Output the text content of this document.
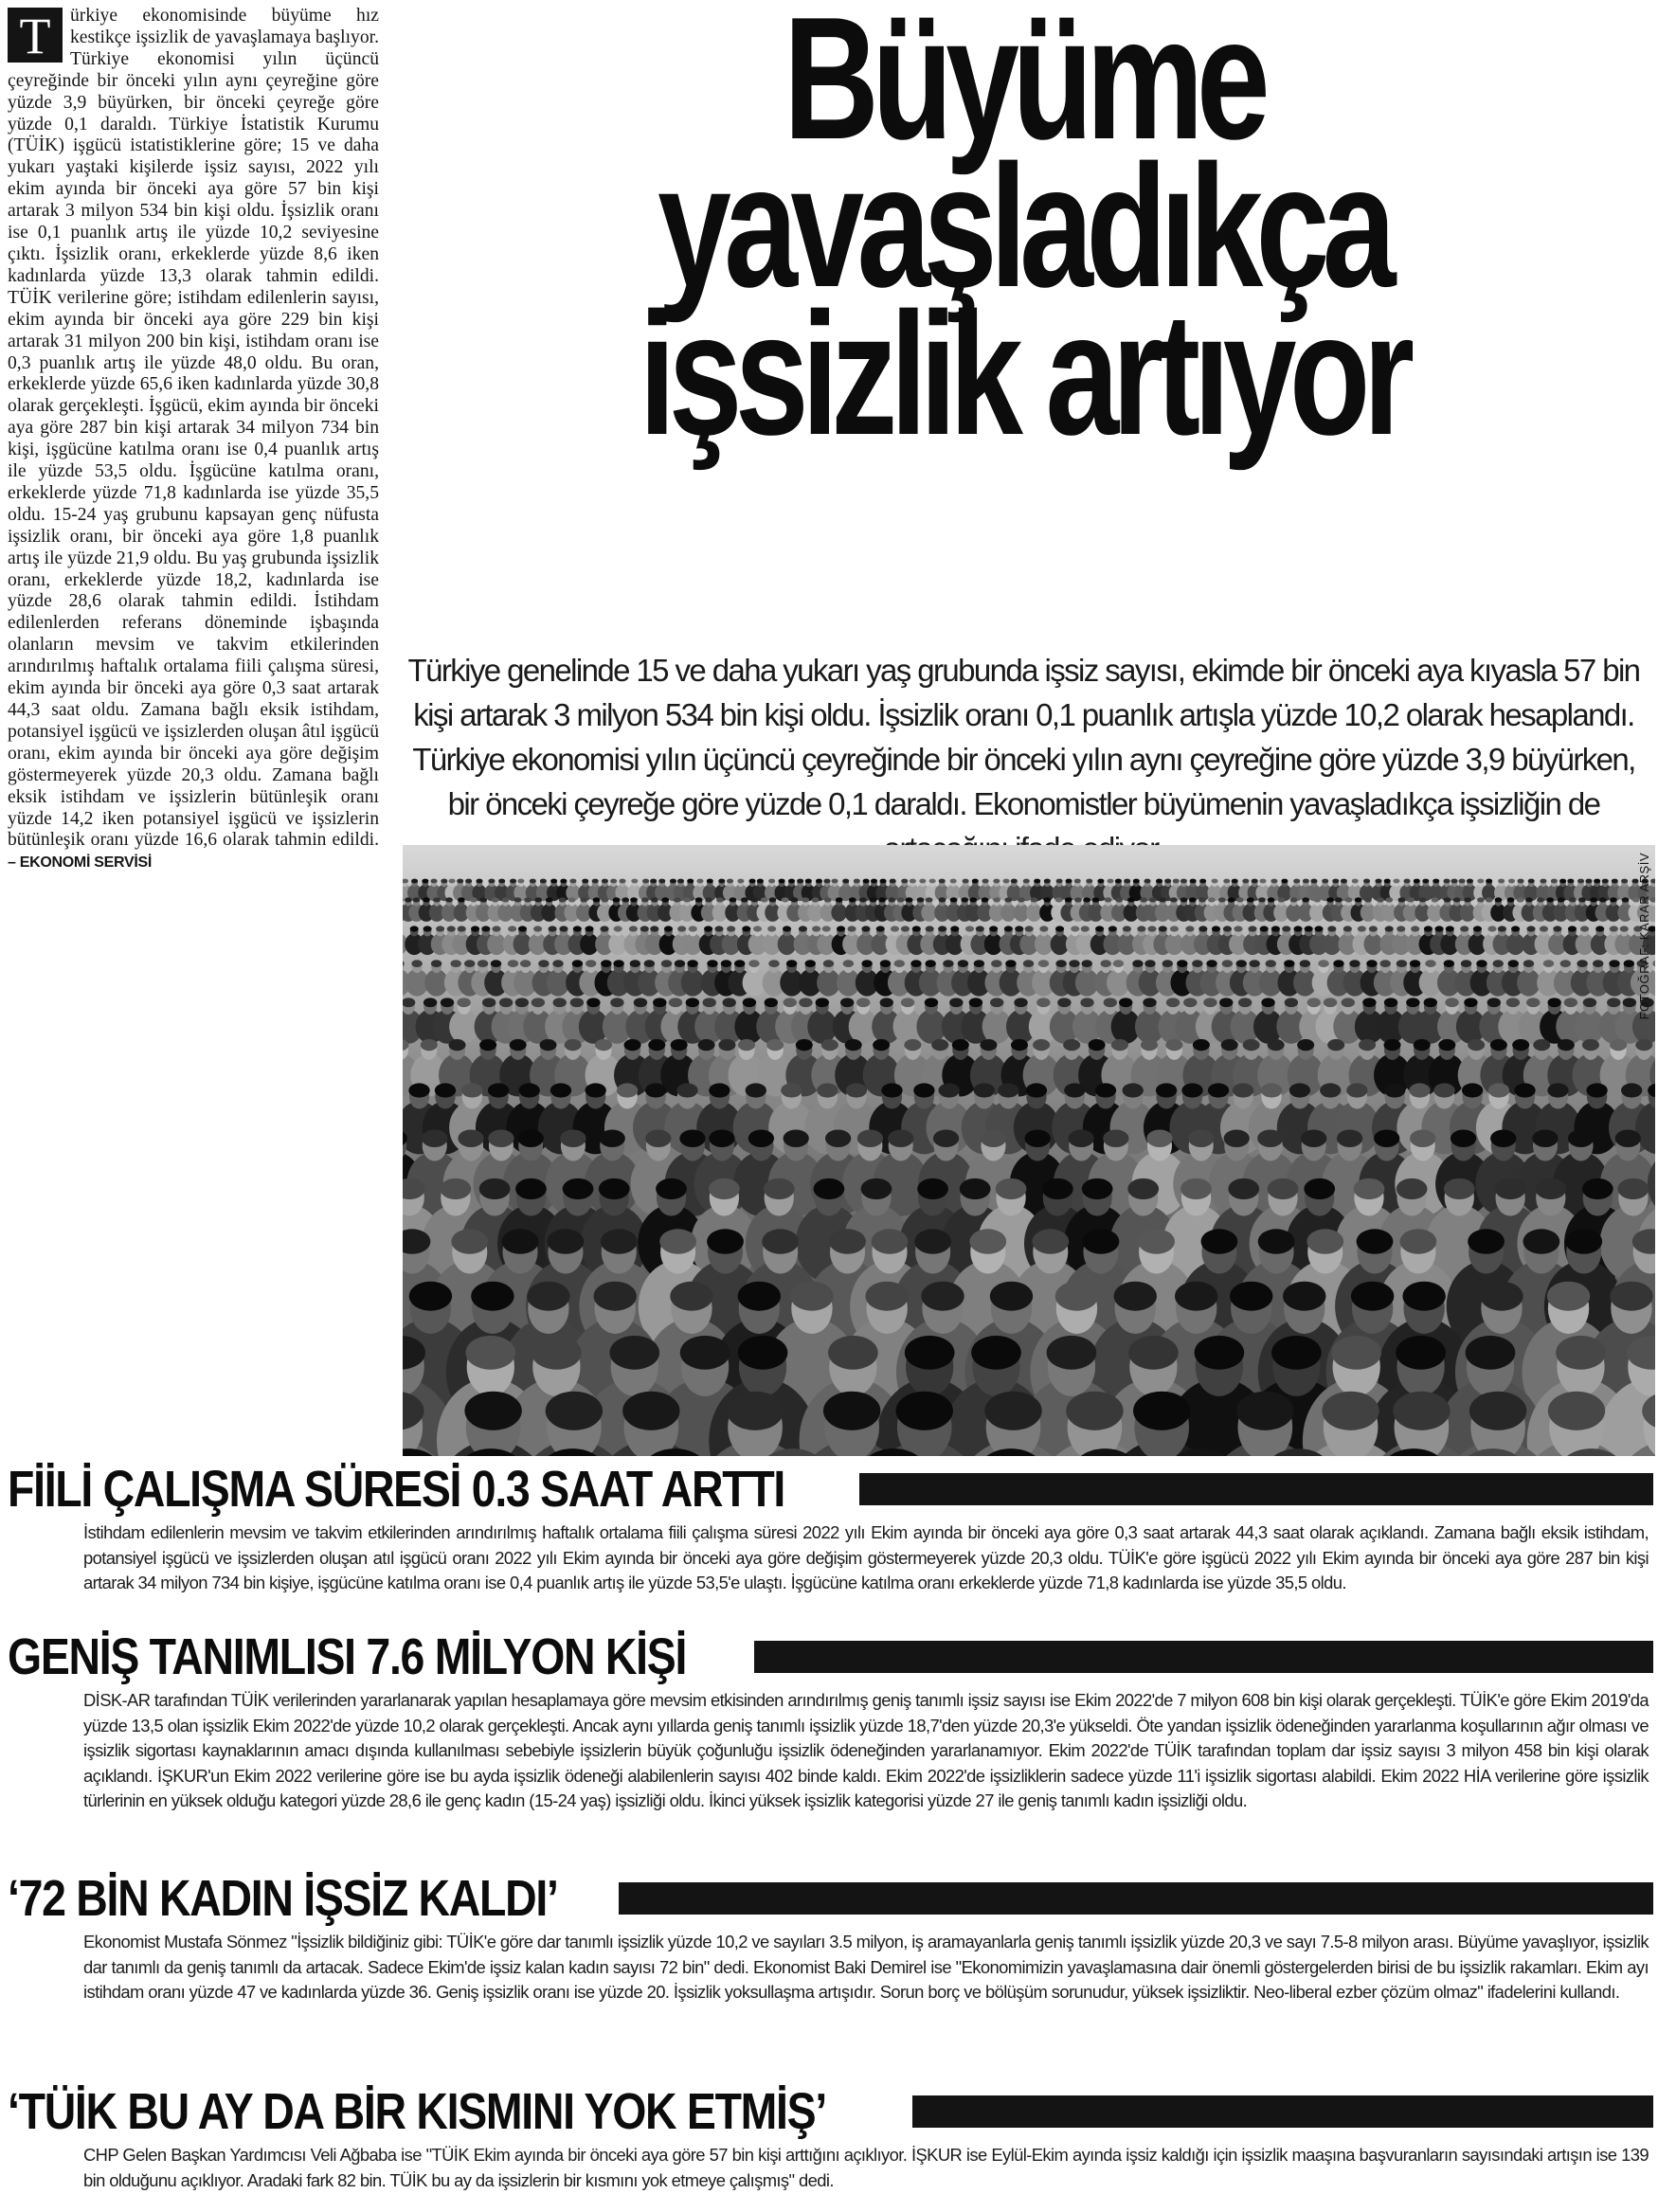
T	ürkiye ekonomisinde büyüme hız kestikçe işsizlik de yavaşlamaya başlıyor. Türkiye ekonomisi yılın üçüncü çeyreğinde bir önceki yılın aynı çeyreğine göre yüzde 3,9 büyürken, bir önceki çeyreğe göre yüzde 0,1 daraldı. Türkiye İstatistik Kurumu (TÜİK) işgücü istatistiklerine göre; 15 ve daha yukarı yaştaki kişilerde işsiz sayısı, 2022 yılı ekim ayında bir önceki aya göre 57 bin kişi artarak 3 milyon 534 bin kişi oldu. İşsizlik oranı ise 0,1 puanlık artış ile yüzde 10,2 seviyesine çıktı. İşsizlik oranı, erkeklerde yüzde 8,6 iken kadınlarda yüzde 13,3 olarak tahmin edildi. TÜİK verilerine göre; istihdam edilenlerin sayısı, ekim ayında bir önceki aya göre 229 bin kişi artarak 31 milyon 200 bin kişi, istihdam oranı ise 0,3 puanlık artış ile yüzde 48,0 oldu. Bu oran, erkeklerde yüzde 65,6 iken kadınlarda yüzde 30,8 olarak gerçekleşti. İşgücü, ekim ayında bir önceki aya göre 287 bin kişi artarak 34 milyon 734 bin kişi, işgücüne katılma oranı ise 0,4 puanlık artış ile yüzde 53,5 oldu. İşgücüne katılma oranı, erkeklerde yüzde 71,8 kadınlarda ise yüzde 35,5 oldu. 15-24 yaş grubunu kapsayan genç nüfusta işsizlik oranı, bir önceki aya göre 1,8 puanlık artış ile yüzde 21,9 oldu. Bu yaş grubunda işsizlik oranı, erkeklerde yüzde 18,2, kadınlarda ise yüzde 28,6 olarak tahmin edildi. İstihdam edilenlerden referans döneminde işbaşında olanların mevsim ve takvim etkilerinden arındırılmış haftalık ortalama fiili çalışma süresi, ekim ayında bir önceki aya göre 0,3 saat artarak 44,3 saat oldu. Zamana bağlı eksik istihdam, potansiyel işgücü ve işsizlerden oluşan âtıl işgücü oranı, ekim ayında bir önceki aya göre değişim göstermeyerek yüzde 20,3 oldu. Zamana bağlı eksik istihdam ve işsizlerin bütünleşik oranı yüzde 14,2 iken potansiyel işgücü ve işsizlerin bütünleşik oranı yüzde 16,6 olarak tahmin edildi. – EKONOMİ SERVİSİ
Büyüme
yavaşladıkça
işsizlik artıyor
Türkiye genelinde 15 ve daha yukarı yaş grubunda işsiz sayısı, ekimde bir önceki aya kıyasla 57 bin kişi artarak 3 milyon 534 bin kişi oldu. İşsizlik oranı 0,1 puanlık artışla yüzde 10,2 olarak hesaplandı. Türkiye ekonomisi yılın üçüncü çeyreğinde bir önceki yılın aynı çeyreğine göre yüzde 3,9 büyürken, bir önceki çeyreğe göre yüzde 0,1 daraldı. Ekonomistler büyümenin yavaşladıkça işsizliğin de
FOTOĞRAF: KARAR ARŞİV
FİİLİ ÇALIŞMA SÜRESİ 0.3 SAAT ARTTI
İstihdam edilenlerin mevsim ve takvim etkilerinden arındırılmış haftalık ortalama fiili çalışma süresi 2022 yılı Ekim ayında bir önceki aya göre 0,3 saat artarak 44,3 saat olarak açıklandı. Zamana bağlı eksik istihdam, potansiyel işgücü ve işsizlerden oluşan atıl işgücü oranı 2022 yılı Ekim ayında bir önceki aya göre değişim göstermeyerek yüzde 20,3 oldu. TÜİK'e göre işgücü 2022 yılı Ekim ayında bir önceki aya göre 287 bin kişi artarak 34 milyon 734 bin kişiye, işgücüne katılma oranı ise 0,4 puanlık artış ile yüzde 53,5'e ulaştı. İşgücüne katılma oranı erkeklerde yüzde 71,8 kadınlarda ise yüzde 35,5 oldu.
GENİŞ TANIMLISI 7.6 MİLYON KİŞİ
DİSK-AR tarafından TÜİK verilerinden yararlanarak yapılan hesaplamaya göre mevsim etkisinden arındırılmış geniş tanımlı işsiz sayısı ise Ekim 2022'de 7 milyon 608 bin kişi olarak gerçekleşti. TÜİK'e göre Ekim 2019'da yüzde 13,5 olan işsizlik Ekim 2022'de yüzde 10,2 olarak gerçekleşti. Ancak aynı yıllarda geniş tanımlı işsizlik yüzde 18,7'den yüzde 20,3'e yükseldi. Öte yandan işsizlik ödeneğinden yararlanma koşullarının ağır olması ve işsizlik sigortası kaynaklarının amacı dışında kullanılması sebebiyle işsizlerin büyük çoğunluğu işsizlik ödeneğinden yararlanamıyor. Ekim 2022'de TÜİK tarafından toplam dar işsiz sayısı 3 milyon 458 bin kişi olarak açıklandı. İŞKUR'un Ekim 2022 verilerine göre ise bu ayda işsizlik ödeneği alabilenlerin sayısı 402 binde kaldı. Ekim 2022'de işsizliklerin sadece yüzde 11'i işsizlik sigortası alabildi. Ekim 2022 HİA verilerine göre işsizlik türlerinin en yüksek olduğu kategori yüzde 28,6 ile genç kadın (15-24 yaş) işsizliği oldu. İkinci yüksek işsizlik kategorisi yüzde 27 ile geniş tanımlı kadın işsizliği oldu.
‘72 BİN KADIN İŞSİZ KALDI’
Ekonomist Mustafa Sönmez "İşsizlik bildiğiniz gibi: TÜİK'e göre dar tanımlı işsizlik yüzde 10,2 ve sayıları 3.5 milyon, iş aramayanlarla geniş tanımlı işsizlik yüzde 20,3 ve sayı 7.5-8 milyon arası. Büyüme yavaşlıyor, işsizlik dar tanımlı da geniş tanımlı da artacak. Sadece Ekim'de işsiz kalan kadın sayısı 72 bin" dedi. Ekonomist Baki Demirel ise "Ekonomimizin yavaşlamasına dair önemli göstergelerden birisi de bu işsizlik rakamları. Ekim ayı istihdam oranı yüzde 47 ve kadınlarda yüzde 36. Geniş işsizlik oranı ise yüzde 20. İşsizlik yoksullaşma artışıdır. Sorun borç ve bölüşüm sorunudur, yüksek işsizliktir. Neo-liberal ezber çözüm olmaz" ifadelerini kullandı.
‘TÜİK BU AY DA BİR KISMINI YOK ETMİŞ’
CHP Gelen Başkan Yardımcısı Veli Ağbaba ise "TÜİK Ekim ayında bir önceki aya göre 57 bin kişi arttığını açıklıyor. İŞKUR ise Eylül-Ekim ayında işsiz kaldığı için işsizlik maaşına başvuranların sayısındaki artışın ise 139 bin olduğunu açıklıyor. Aradaki fark 82 bin. TÜİK bu ay da işsizlerin bir kısmını yok etmeye çalışmış" dedi.
